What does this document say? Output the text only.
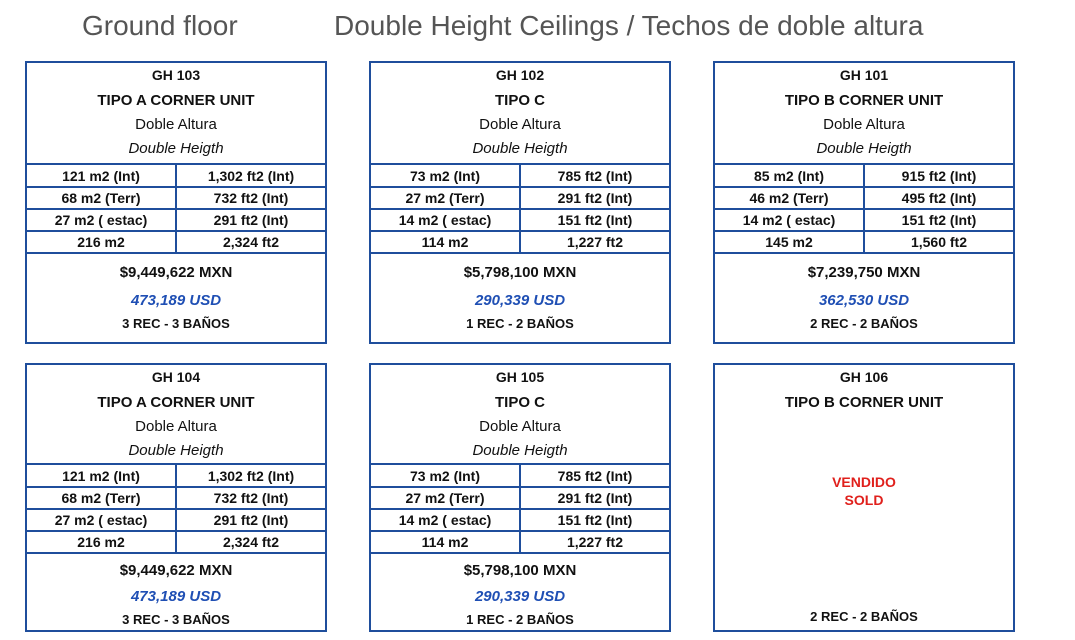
Ground floor	Double Height Ceilings / Techos de doble altura
GH 103
TIPO A CORNER UNIT
Doble Altura
Double Heigth
121 m2 (Int)	1,302 ft2 (Int)
68 m2 (Terr)	732 ft2 (Int)
27 m2 ( estac)	291 ft2 (Int)
216 m2	2,324 ft2
$9,449,622 MXN
473,189 USD
3 REC - 3 BAÑOS
GH 102
TIPO C
Doble Altura
Double Heigth
73 m2 (Int)	785 ft2 (Int)
27 m2 (Terr)	291 ft2 (Int)
14 m2 ( estac)	151 ft2 (Int)
114 m2	1,227 ft2
$5,798,100 MXN
290,339 USD
1 REC - 2 BAÑOS
GH 101
TIPO B CORNER UNIT
Doble Altura
Double Heigth
85 m2 (Int)	915 ft2 (Int)
46 m2 (Terr)	495 ft2 (Int)
14 m2 ( estac)	151 ft2 (Int)
145 m2	1,560 ft2
$7,239,750 MXN
362,530 USD
2 REC - 2 BAÑOS
GH 104
TIPO A CORNER UNIT
Doble Altura
Double Heigth
121 m2 (Int)	1,302 ft2 (Int)
68 m2 (Terr)	732 ft2 (Int)
27 m2 ( estac)	291 ft2 (Int)
216 m2	2,324 ft2
$9,449,622 MXN
473,189 USD
3 REC - 3 BAÑOS
GH 105
TIPO C
Doble Altura
Double Heigth
73 m2 (Int)	785 ft2 (Int)
27 m2 (Terr)	291 ft2 (Int)
14 m2 ( estac)	151 ft2 (Int)
114 m2	1,227 ft2
$5,798,100 MXN
290,339 USD
1 REC - 2 BAÑOS
GH 106
TIPO B CORNER UNIT
VENDIDO
SOLD
2 REC - 2 BAÑOS
